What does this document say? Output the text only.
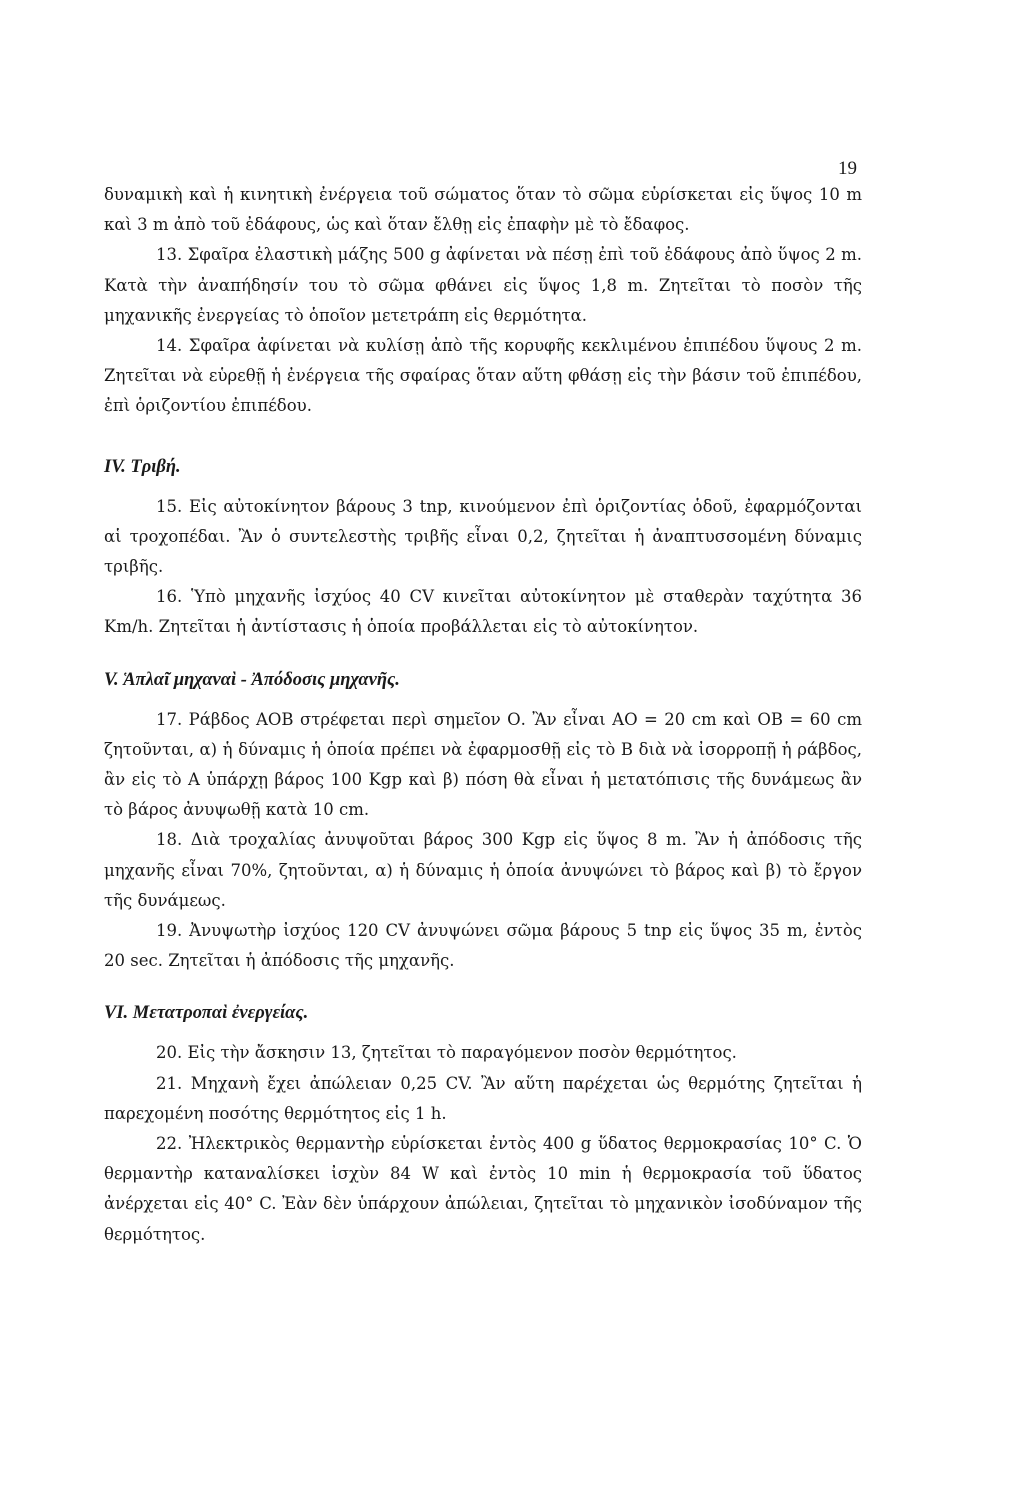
19

δυναμικὴ καὶ ἡ κινητικὴ ἐνέργεια τοῦ σώματος ὅταν τὸ σῶμα εὑρίσκεται εἰς ὕψος 10 m καὶ 3 m ἀπὸ τοῦ ἐδάφους, ὡς καὶ ὅταν ἔλθῃ εἰς ἐπαφὴν μὲ τὸ ἔδαφος.

13. Σφαῖρα ἐλαστικὴ μάζης 500 g ἀφίνεται νὰ πέσῃ ἐπὶ τοῦ ἐδάφους ἀπὸ ὕψος 2 m. Κατὰ τὴν ἀναπήδησίν του τὸ σῶμα φθάνει εἰς ὕψος 1,8 m. Ζητεῖται τὸ ποσὸν τῆς μηχανικῆς ἐνεργείας τὸ ὁποῖον μετετράπη εἰς θερμότητα.

14. Σφαῖρα ἀφίνεται νὰ κυλίσῃ ἀπὸ τῆς κορυφῆς κεκλιμένου ἐπιπέδου ὕψους 2 m. Ζητεῖται νὰ εὑρεθῇ ἡ ἐνέργεια τῆς σφαίρας ὅταν αὕτη φθάσῃ εἰς τὴν βάσιν τοῦ ἐπιπέδου, ἐπὶ ὁριζοντίου ἐπιπέδου.

IV. Τριβή.

15. Εἰς αὐτοκίνητον βάρους 3 tnp, κινούμενον ἐπὶ ὁριζοντίας ὁδοῦ, ἐφαρμόζονται αἱ τροχοπέδαι. Ἂν ὁ συντελεστὴς τριβῆς εἶναι 0,2, ζητεῖται ἡ ἀναπτυσσομένη δύναμις τριβῆς.

16. Ὑπὸ μηχανῆς ἰσχύος 40 CV κινεῖται αὐτοκίνητον μὲ σταθερὰν ταχύτητα 36 Km/h. Ζητεῖται ἡ ἀντίστασις ἡ ὁποία προβάλλεται εἰς τὸ αὐτοκίνητον.

V. Ἁπλαῖ μηχαναὶ - Ἀπόδοσις μηχανῆς.

17. Ράβδος ΑΟΒ στρέφεται περὶ σημεῖον Ο. Ἂν εἶναι ΑΟ = 20 cm καὶ ΟΒ = 60 cm ζητοῦνται, α) ἡ δύναμις ἡ ὁποία πρέπει νὰ ἐφαρμοσθῇ εἰς τὸ Β διὰ νὰ ἰσορροπῇ ἡ ράβδος, ἂν εἰς τὸ Α ὑπάρχῃ βάρος 100 Kgp καὶ β) πόση θὰ εἶναι ἡ μετατόπισις τῆς δυνάμεως ἂν τὸ βάρος ἀνυψωθῇ κατὰ 10 cm.

18. Διὰ τροχαλίας ἀνυψοῦται βάρος 300 Kgp εἰς ὕψος 8 m. Ἂν ἡ ἀπόδοσις τῆς μηχανῆς εἶναι 70%, ζητοῦνται, α) ἡ δύναμις ἡ ὁποία ἀνυψώνει τὸ βάρος καὶ β) τὸ ἔργον τῆς δυνάμεως.

19. Ἀνυψωτὴρ ἰσχύος 120 CV ἀνυψώνει σῶμα βάρους 5 tnp εἰς ὕψος 35 m, ἐντὸς 20 sec. Ζητεῖται ἡ ἀπόδοσις τῆς μηχανῆς.

VI. Μετατροπαὶ ἐνεργείας.

20. Εἰς τὴν ἄσκησιν 13, ζητεῖται τὸ παραγόμενον ποσὸν θερμότητος.

21. Μηχανὴ ἔχει ἀπώλειαν 0,25 CV. Ἂν αὕτη παρέχεται ὡς θερμότης ζητεῖται ἡ παρεχομένη ποσότης θερμότητος εἰς 1 h.

22. Ἠλεκτρικὸς θερμαντὴρ εὑρίσκεται ἐντὸς 400 g ὕδατος θερμοκρασίας 10° C. Ὁ θερμαντὴρ καταναλίσκει ἰσχὺν 84 W καὶ ἐντὸς 10 min ἡ θερμοκρασία τοῦ ὕδατος ἀνέρχεται εἰς 40° C. Ἐὰν δὲν ὑπάρχουν ἀπώλειαι, ζητεῖται τὸ μηχανικὸν ἰσοδύναμον τῆς θερμότητος.
